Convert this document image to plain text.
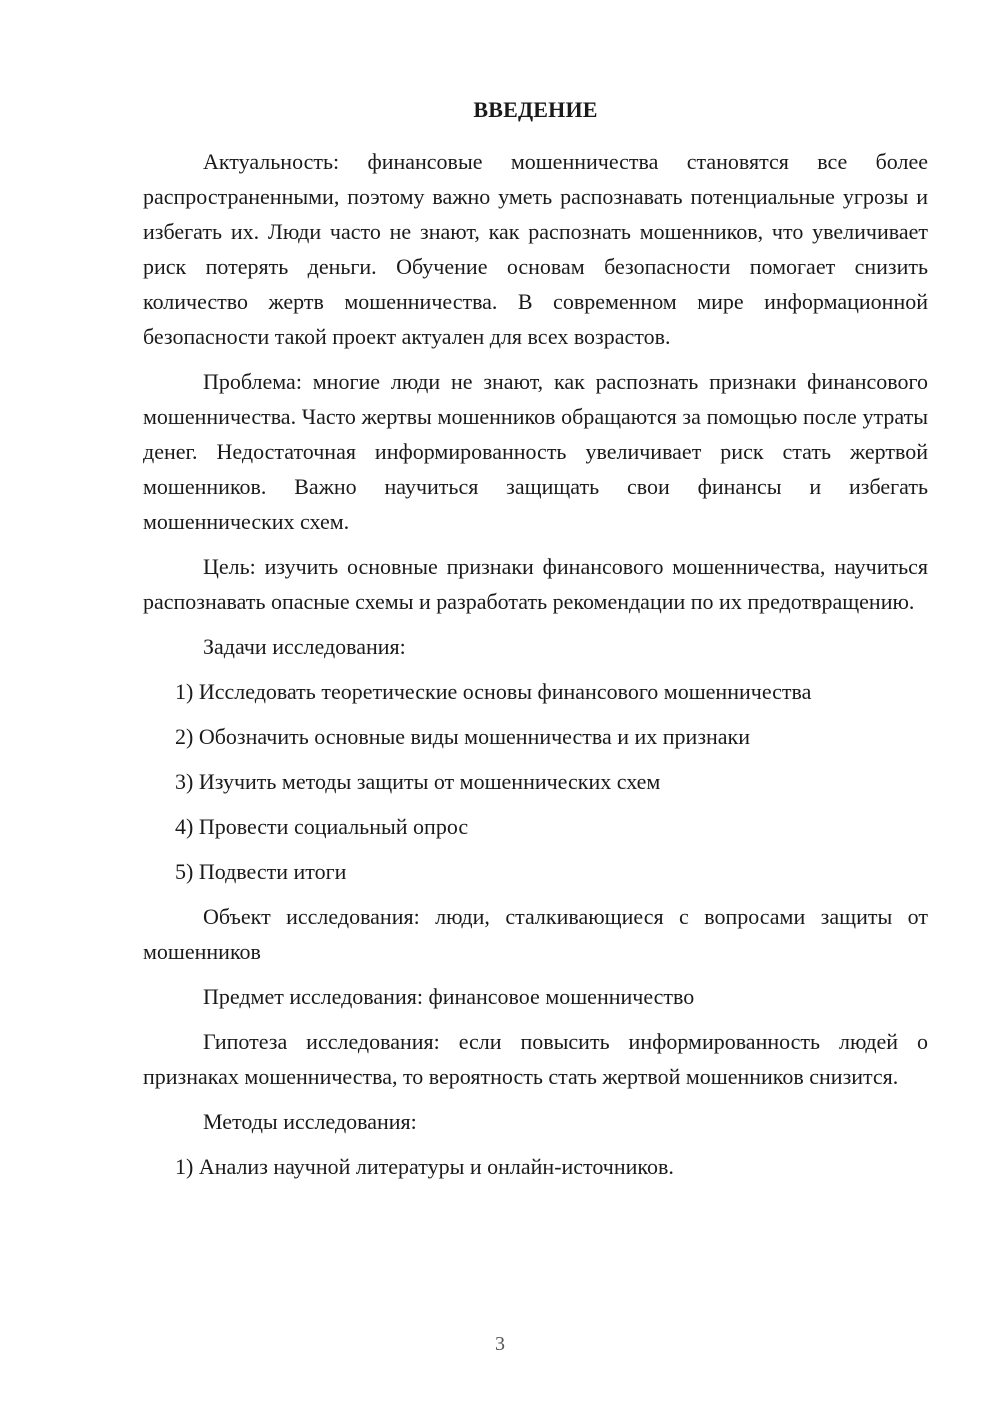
ВВЕДЕНИЕ

Актуальность: финансовые мошенничества становятся все более распространенными, поэтому важно уметь распознавать потенциальные угрозы и избегать их. Люди часто не знают, как распознать мошенников, что увеличивает риск потерять деньги. Обучение основам безопасности помогает снизить количество жертв мошенничества. В современном мире информационной безопасности такой проект актуален для всех возрастов.

Проблема: многие люди не знают, как распознать признаки финансового мошенничества. Часто жертвы мошенников обращаются за помощью после утраты денег. Недостаточная информированность увеличивает риск стать жертвой мошенников. Важно научиться защищать свои финансы и избегать мошеннических схем.

Цель: изучить основные признаки финансового мошенничества, научиться распознавать опасные схемы и разработать рекомендации по их предотвращению.

Задачи исследования:

1) Исследовать теоретические основы финансового мошенничества

2) Обозначить основные виды мошенничества и их признаки

3) Изучить методы защиты от мошеннических схем

4) Провести социальный опрос

5) Подвести итоги

Объект исследования: люди, сталкивающиеся с вопросами защиты от мошенников

Предмет исследования: финансовое мошенничество

Гипотеза исследования: если повысить информированность людей о признаках мошенничества, то вероятность стать жертвой мошенников снизится.

Методы исследования:

1) Анализ научной литературы и онлайн-источников.

3
